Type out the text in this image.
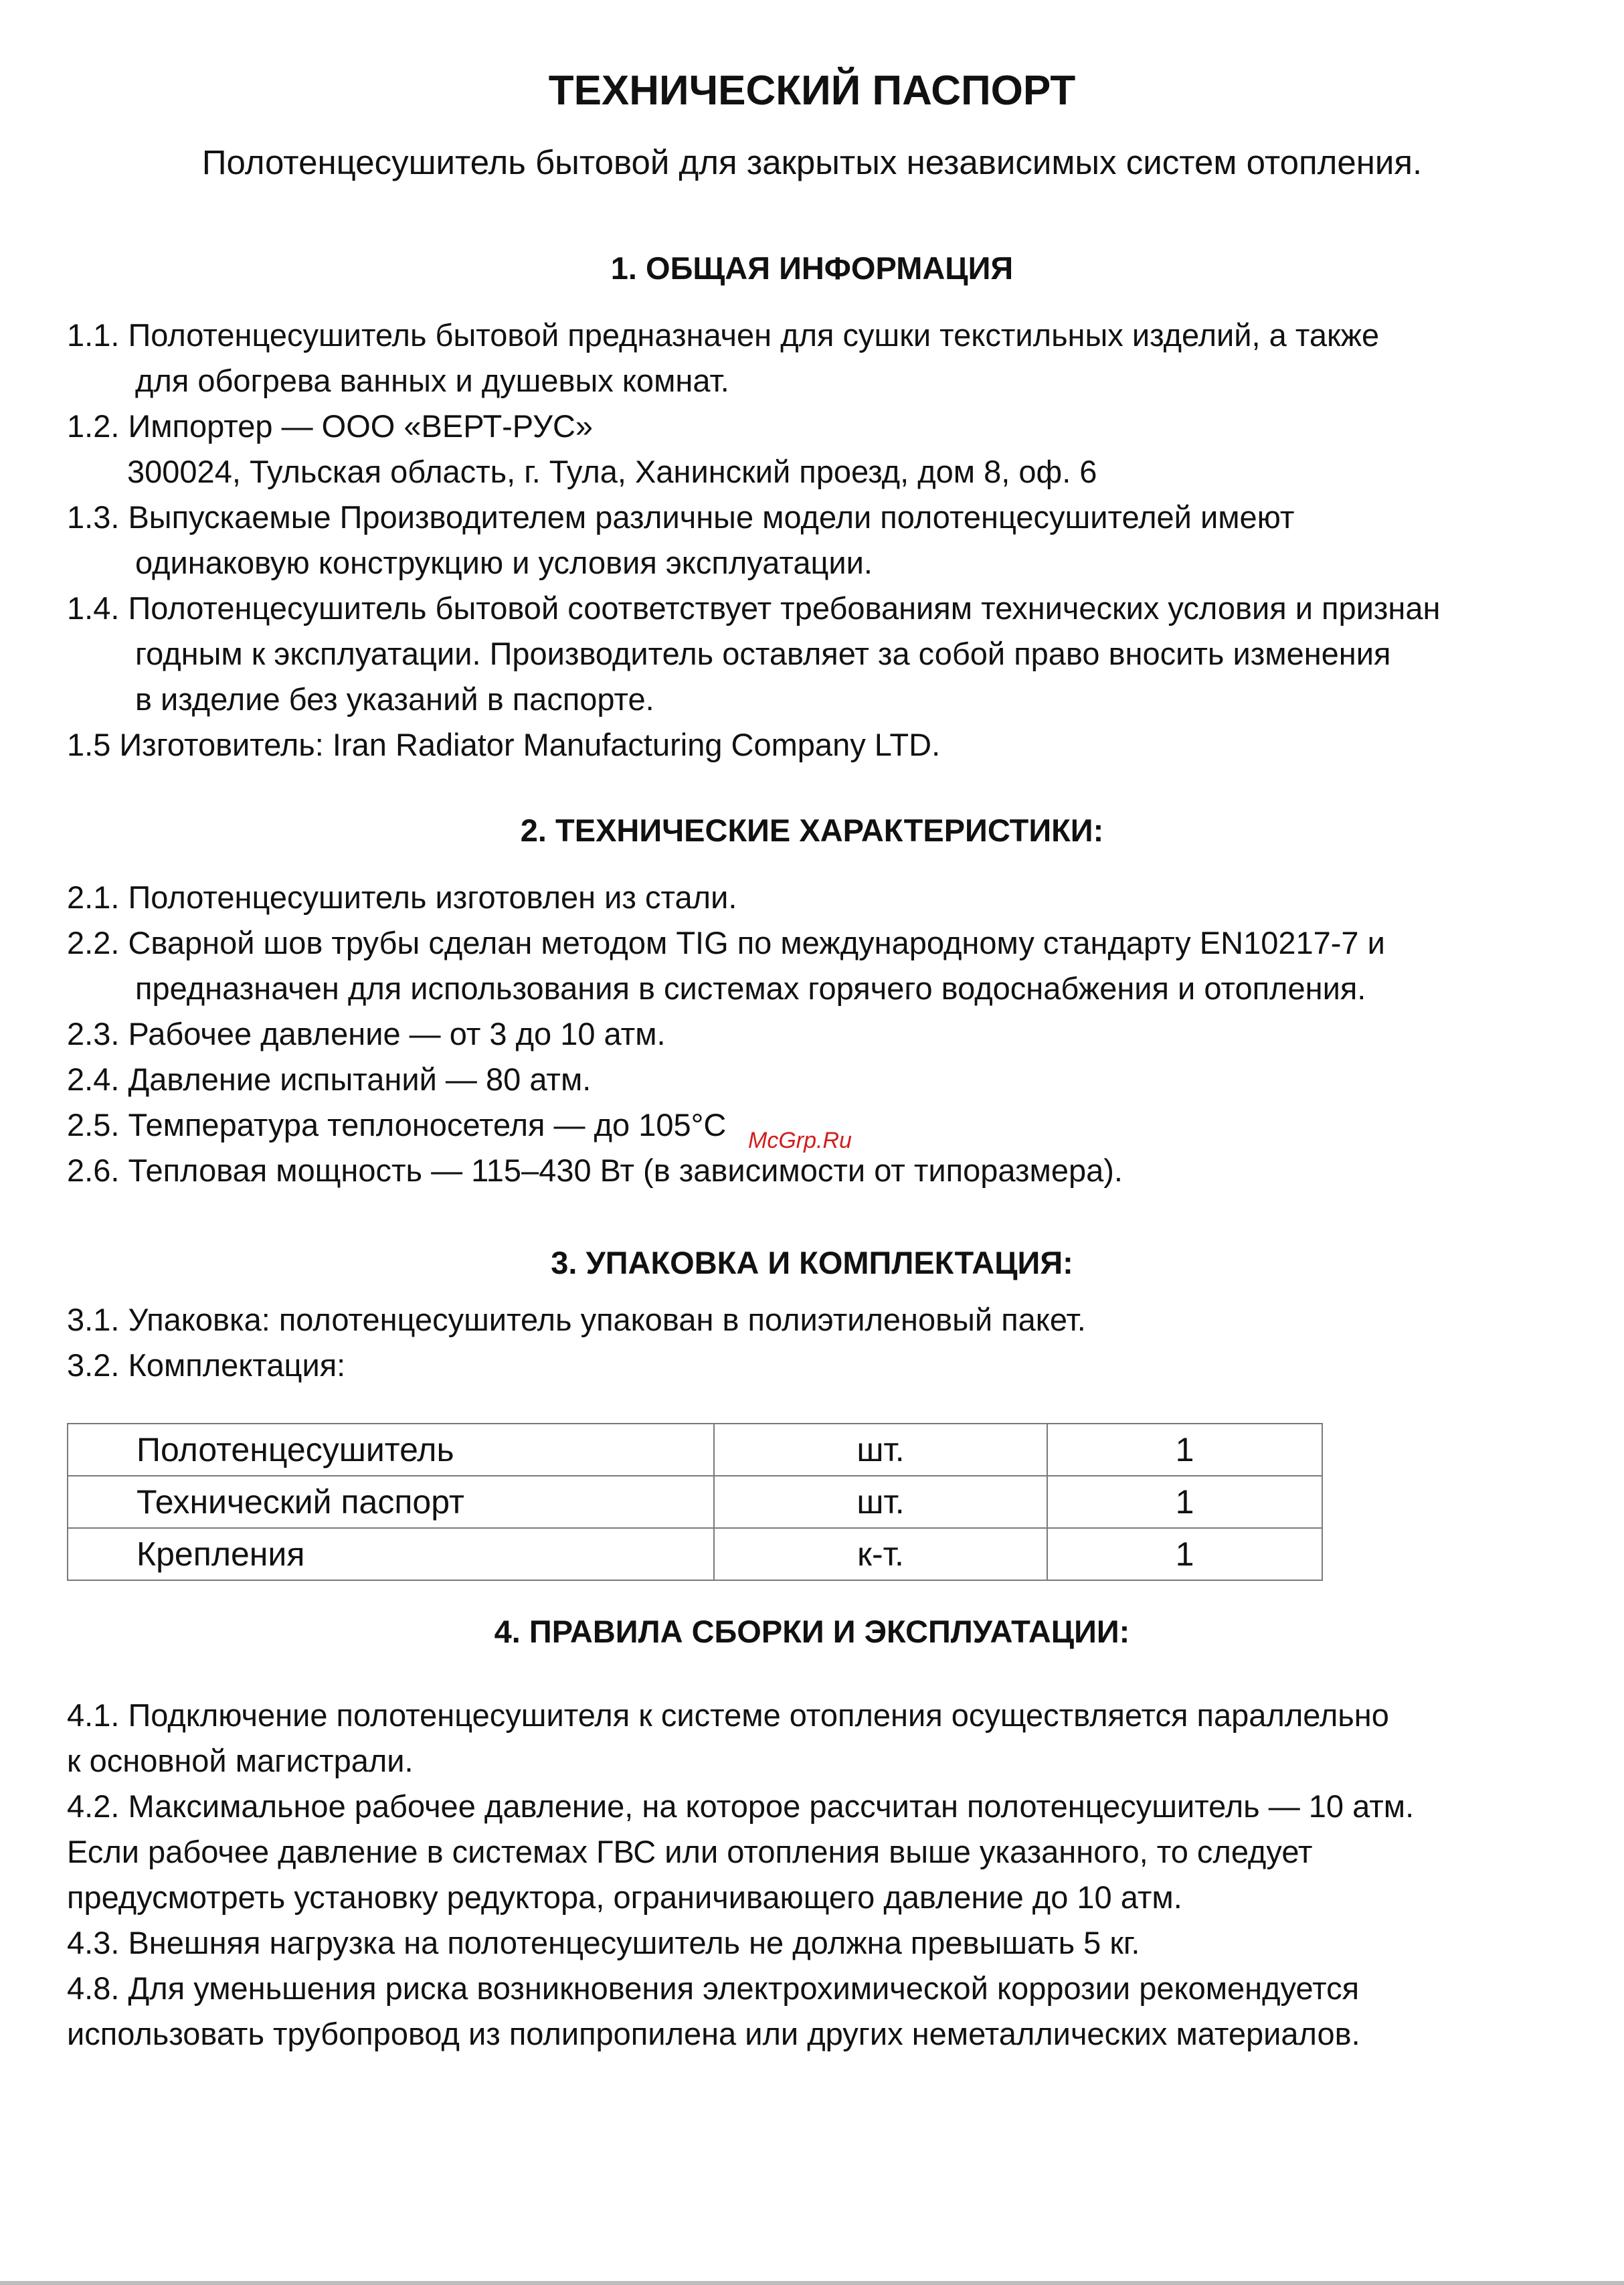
ТЕХНИЧЕСКИЙ ПАСПОРТ
Полотенцесушитель бытовой для закрытых независимых систем отопления.
1. ОБЩАЯ ИНФОРМАЦИЯ
1.1. Полотенцесушитель бытовой предназначен для сушки текстильных изделий, а также
для обогрева ванных и душевых комнат.
1.2. Импортер — ООО «ВЕРТ-РУС»
300024, Тульская область, г. Тула, Ханинский проезд, дом 8, оф. 6
1.3. Выпускаемые Производителем различные модели полотенцесушителей имеют
одинаковую конструкцию и условия эксплуатации.
1.4. Полотенцесушитель бытовой соответствует требованиям технических условия и признан
годным к эксплуатации. Производитель оставляет за собой право вносить изменения
в изделие без указаний в паспорте.
1.5 Изготовитель: Iran Radiator Manufacturing Company LTD.
2. ТЕХНИЧЕСКИЕ ХАРАКТЕРИСТИКИ:
2.1. Полотенцесушитель изготовлен из стали.
2.2. Сварной шов трубы сделан методом TIG по международному стандарту EN10217-7 и
предназначен для использования в системах горячего водоснабжения и отопления.
2.3. Рабочее давление — от 3 до 10 атм.
2.4. Давление испытаний — 80 атм.
2.5. Температура теплоносетеля — до 105°C
2.6. Тепловая мощность — 115–430 Вт (в зависимости от типоразмера).
McGrp.Ru
3. УПАКОВКА И КОМПЛЕКТАЦИЯ:
3.1. Упаковка: полотенцесушитель упакован в полиэтиленовый пакет.
3.2. Комплектация:
Полотенцесушитель	шт.	1
Технический паспорт	шт.	1
Крепления	к-т.	1
4. ПРАВИЛА СБОРКИ И ЭКСПЛУАТАЦИИ:
4.1. Подключение полотенцесушителя к системе отопления осуществляется параллельно
к основной магистрали.
4.2. Максимальное рабочее давление, на которое рассчитан полотенцесушитель — 10 атм.
Если рабочее давление в системах ГВС или отопления выше указанного, то следует
предусмотреть установку редуктора, ограничивающего давление до 10 атм.
4.3. Внешняя нагрузка на полотенцесушитель не должна превышать 5 кг.
4.8. Для уменьшения риска возникновения электрохимической коррозии рекомендуется
использовать трубопровод из полипропилена или других неметаллических материалов.
